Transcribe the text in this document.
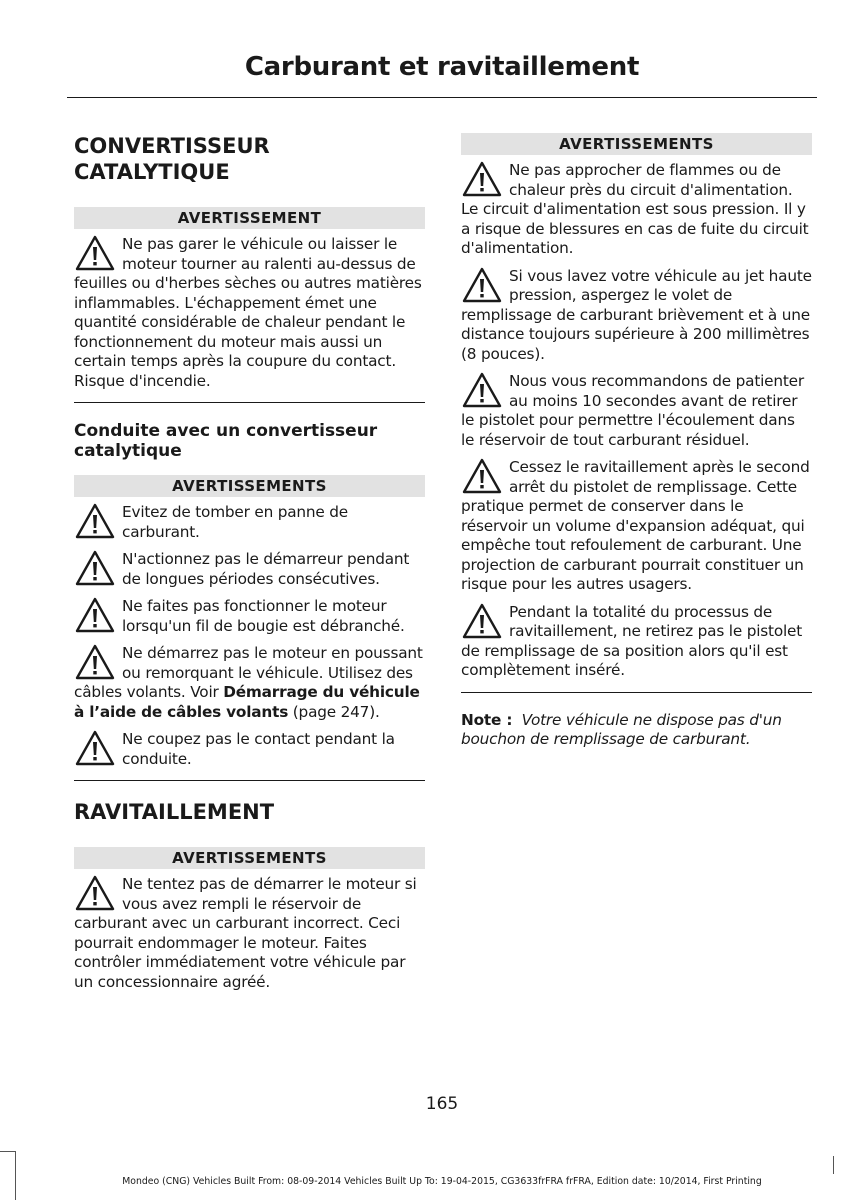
Carburant et ravitaillement
CONVERTISSEUR CATALYTIQUE
AVERTISSEMENT
Ne pas garer le véhicule ou laisser le moteur tourner au ralenti au-dessus de feuilles ou d'herbes sèches ou autres matières inflammables. L'échappement émet une quantité considérable de chaleur pendant le fonctionnement du moteur mais aussi un certain temps après la coupure du contact. Risque d'incendie.
Conduite avec un convertisseur catalytique
AVERTISSEMENTS
Evitez de tomber en panne de carburant.
N'actionnez pas le démarreur pendant de longues périodes consécutives.
Ne faites pas fonctionner le moteur lorsqu'un fil de bougie est débranché.
Ne démarrez pas le moteur en poussant ou remorquant le véhicule. Utilisez des câbles volants. Voir Démarrage du véhicule à l’aide de câbles volants (page 247).
Ne coupez pas le contact pendant la conduite.
RAVITAILLEMENT
AVERTISSEMENTS
Ne tentez pas de démarrer le moteur si vous avez rempli le réservoir de carburant avec un carburant incorrect. Ceci pourrait endommager le moteur. Faites contrôler immédiatement votre véhicule par un concessionnaire agréé.
AVERTISSEMENTS
Ne pas approcher de flammes ou de chaleur près du circuit d'alimentation. Le circuit d'alimentation est sous pression. Il y a risque de blessures en cas de fuite du circuit d'alimentation.
Si vous lavez votre véhicule au jet haute pression, aspergez le volet de remplissage de carburant brièvement et à une distance toujours supérieure à 200 millimètres (8 pouces).
Nous vous recommandons de patienter au moins 10 secondes avant de retirer le pistolet pour permettre l'écoulement dans le réservoir de tout carburant résiduel.
Cessez le ravitaillement après le second arrêt du pistolet de remplissage. Cette pratique permet de conserver dans le réservoir un volume d'expansion adéquat, qui empêche tout refoulement de carburant. Une projection de carburant pourrait constituer un risque pour les autres usagers.
Pendant la totalité du processus de ravitaillement, ne retirez pas le pistolet de remplissage de sa position alors qu'il est complètement inséré.
Note : Votre véhicule ne dispose pas d'un bouchon de remplissage de carburant.
165
Mondeo (CNG) Vehicles Built From: 08-09-2014 Vehicles Built Up To: 19-04-2015, CG3633frFRA frFRA, Edition date: 10/2014, First Printing
